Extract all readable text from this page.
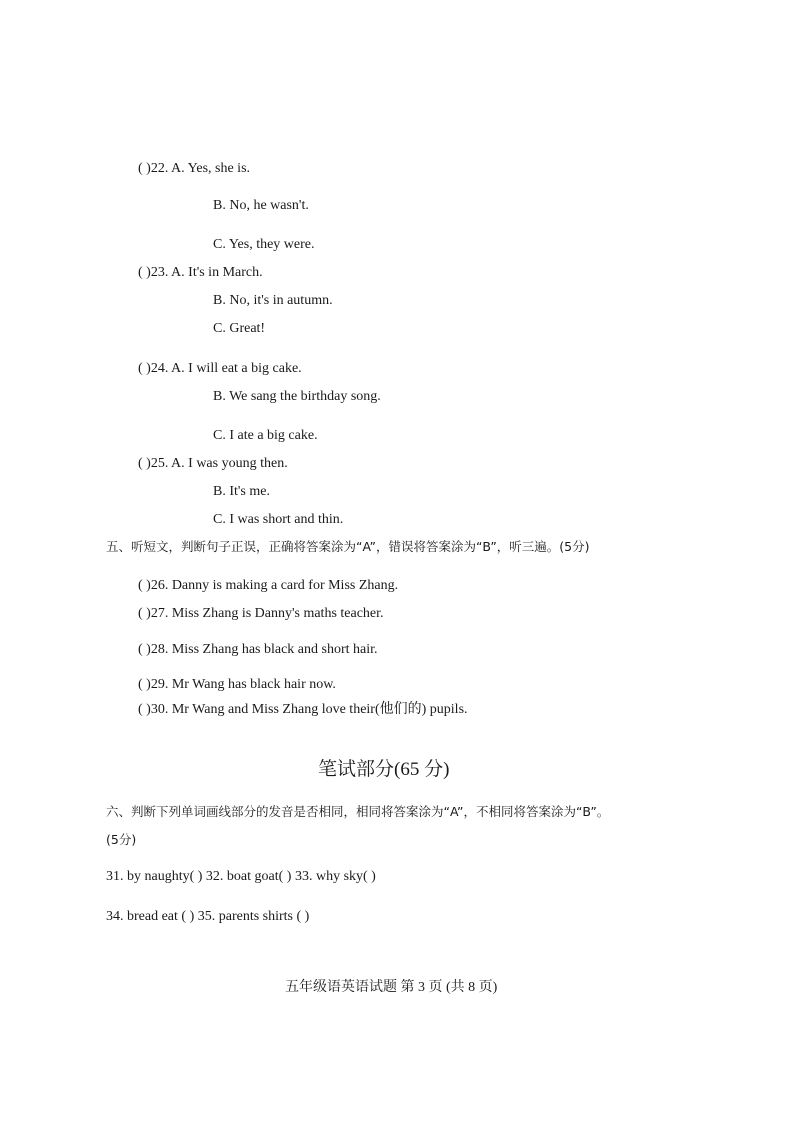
( )22. A. Yes, she is.
B. No, he wasn't.
C. Yes, they were.
( )23. A. It's in March.
B. No, it's in autumn.
C. Great!
( )24. A. I will eat a big cake.
B. We sang the birthday song.
C. I ate a big cake.
( )25. A. I was young then.
B. It's me.
C. I was short and thin.
五、听短文，判断句子正误，正确将答案涂为“A”，错误将答案涂为“B”，听三遍。(5分)
( )26. Danny is making a card for Miss Zhang.
( )27. Miss Zhang is Danny's maths teacher.
( )28. Miss Zhang has black and short hair.
( )29. Mr Wang has black hair now.
( )30. Mr Wang and Miss Zhang love their(他们的) pupils.
笔试部分(65 分)
六、判断下列单词画线部分的发音是否相同，相同将答案涂为“A”，不相同将答案涂为“B”。
(5分)
31. by naughty( ) 32. boat goat( ) 33. why sky( )
34. bread eat ( ) 35. parents shirts ( )
五年级语英语试题 第 3 页 (共 8 页)
